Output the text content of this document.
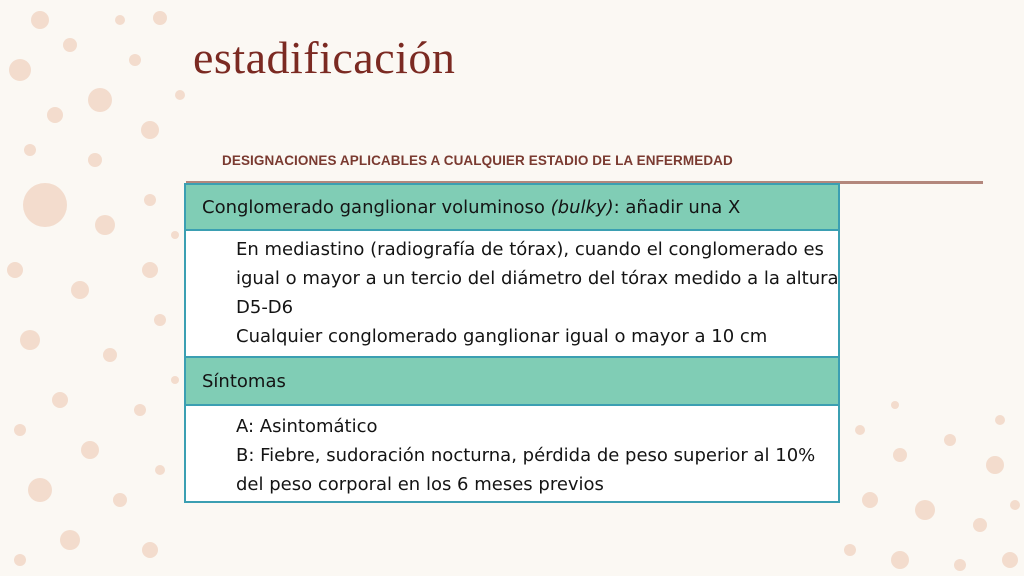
estadificación
DESIGNACIONES APLICABLES A CUALQUIER ESTADIO DE LA ENFERMEDAD
Conglomerado ganglionar voluminoso (bulky): añadir una X
En mediastino (radiografía de tórax), cuando el conglomerado es
igual o mayor a un tercio del diámetro del tórax medido a la altura
D5-D6
Cualquier conglomerado ganglionar igual o mayor a 10 cm
Síntomas
A: Asintomático
B: Fiebre, sudoración nocturna, pérdida de peso superior al 10%
del peso corporal en los 6 meses previos
